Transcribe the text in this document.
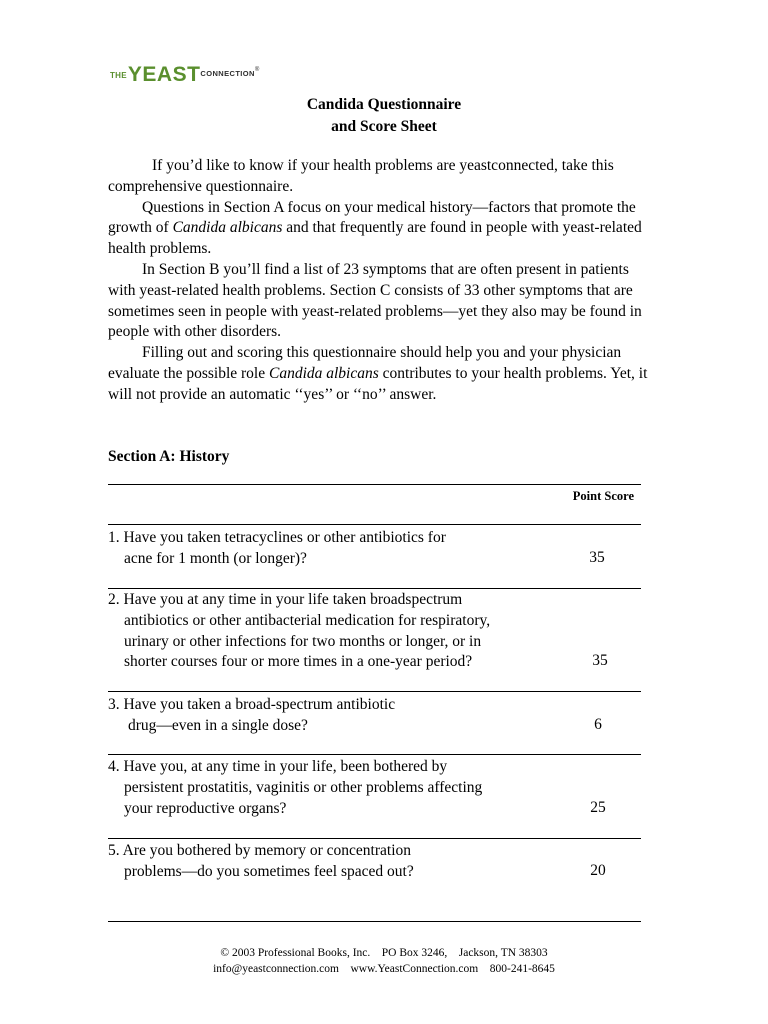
$THEYEAST^{CONNECTION®}$
Candida Questionnaire
and Score Sheet

If you’d like to know if your health problems are yeastconnected, take this comprehensive questionnaire.

Questions in Section A focus on your medical history—factors that promote the growth of Candida albicans and that frequently are found in people with yeast-related health problems.

In Section B you’ll find a list of 23 symptoms that are often present in patients with yeast-related health problems. Section C consists of 33 other symptoms that are sometimes seen in people with yeast-related problems—yet they also may be found in people with other disorders.

Filling out and scoring this questionnaire should help you and your physician evaluate the possible role Candida albicans contributes to your health problems. Yet, it will not provide an automatic ‘‘yes’’ or ‘‘no’’ answer.

Section A: History
Point Score
1. Have you taken tetracyclines or other antibiotics for
acne for 1 month (or longer)?	35
2. Have you at any time in your life taken broadspectrum
antibiotics or other antibacterial medication for respiratory,
urinary or other infections for two months or longer, or in
shorter courses four or more times in a one-year period?	35
3. Have you taken a broad-spectrum antibiotic
drug—even in a single dose?	6
4. Have you, at any time in your life, been bothered by
persistent prostatitis, vaginitis or other problems affecting
your reproductive organs?	25
5. Are you bothered by memory or concentration
problems—do you sometimes feel spaced out?	20
© 2003 Professional Books, Inc.    PO Box 3246,    Jackson, TN 38303
info@yeastconnection.com    www.YeastConnection.com    800-241-8645
